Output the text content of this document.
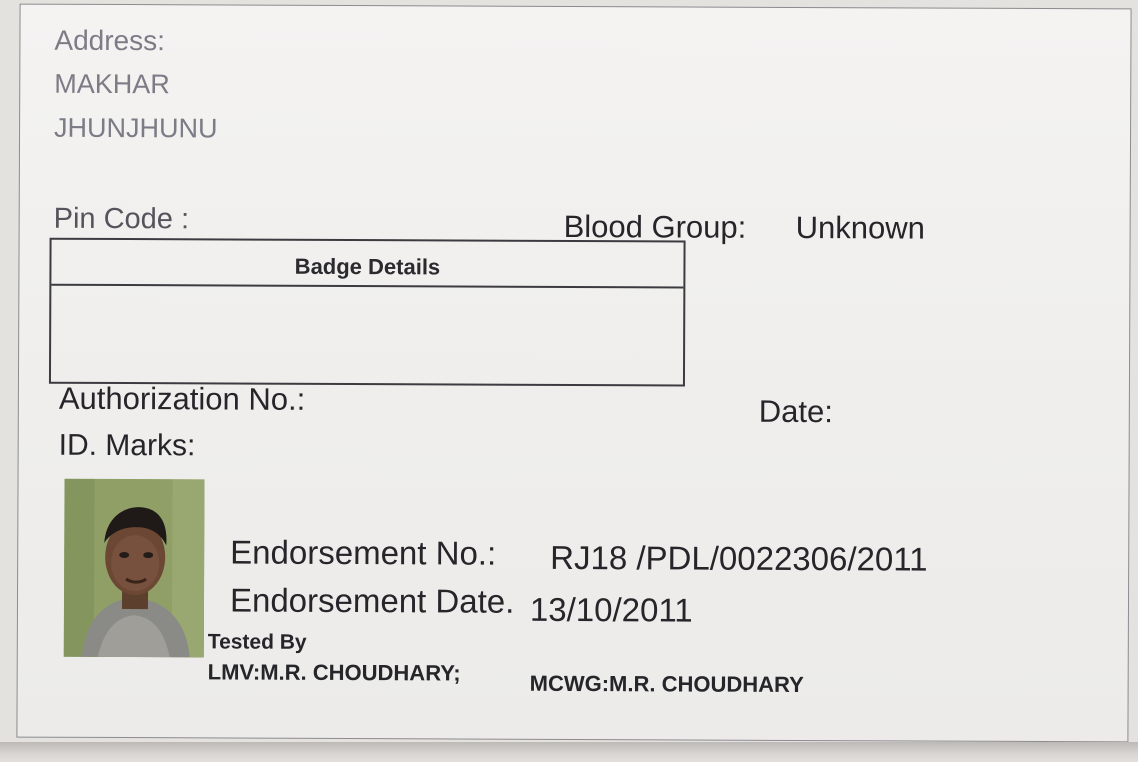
Address:
MAKHAR
JHUNJHUNU
Pin Code :	Blood Group: Unknown
Badge Details
Authorization No.:	Date:
ID. Marks:
Endorsement No.: RJ18 /PDL/0022306/2011
Endorsement Date. 13/10/2011
Tested By
LMV:M.R. CHOUDHARY;	MCWG:M.R. CHOUDHARY
